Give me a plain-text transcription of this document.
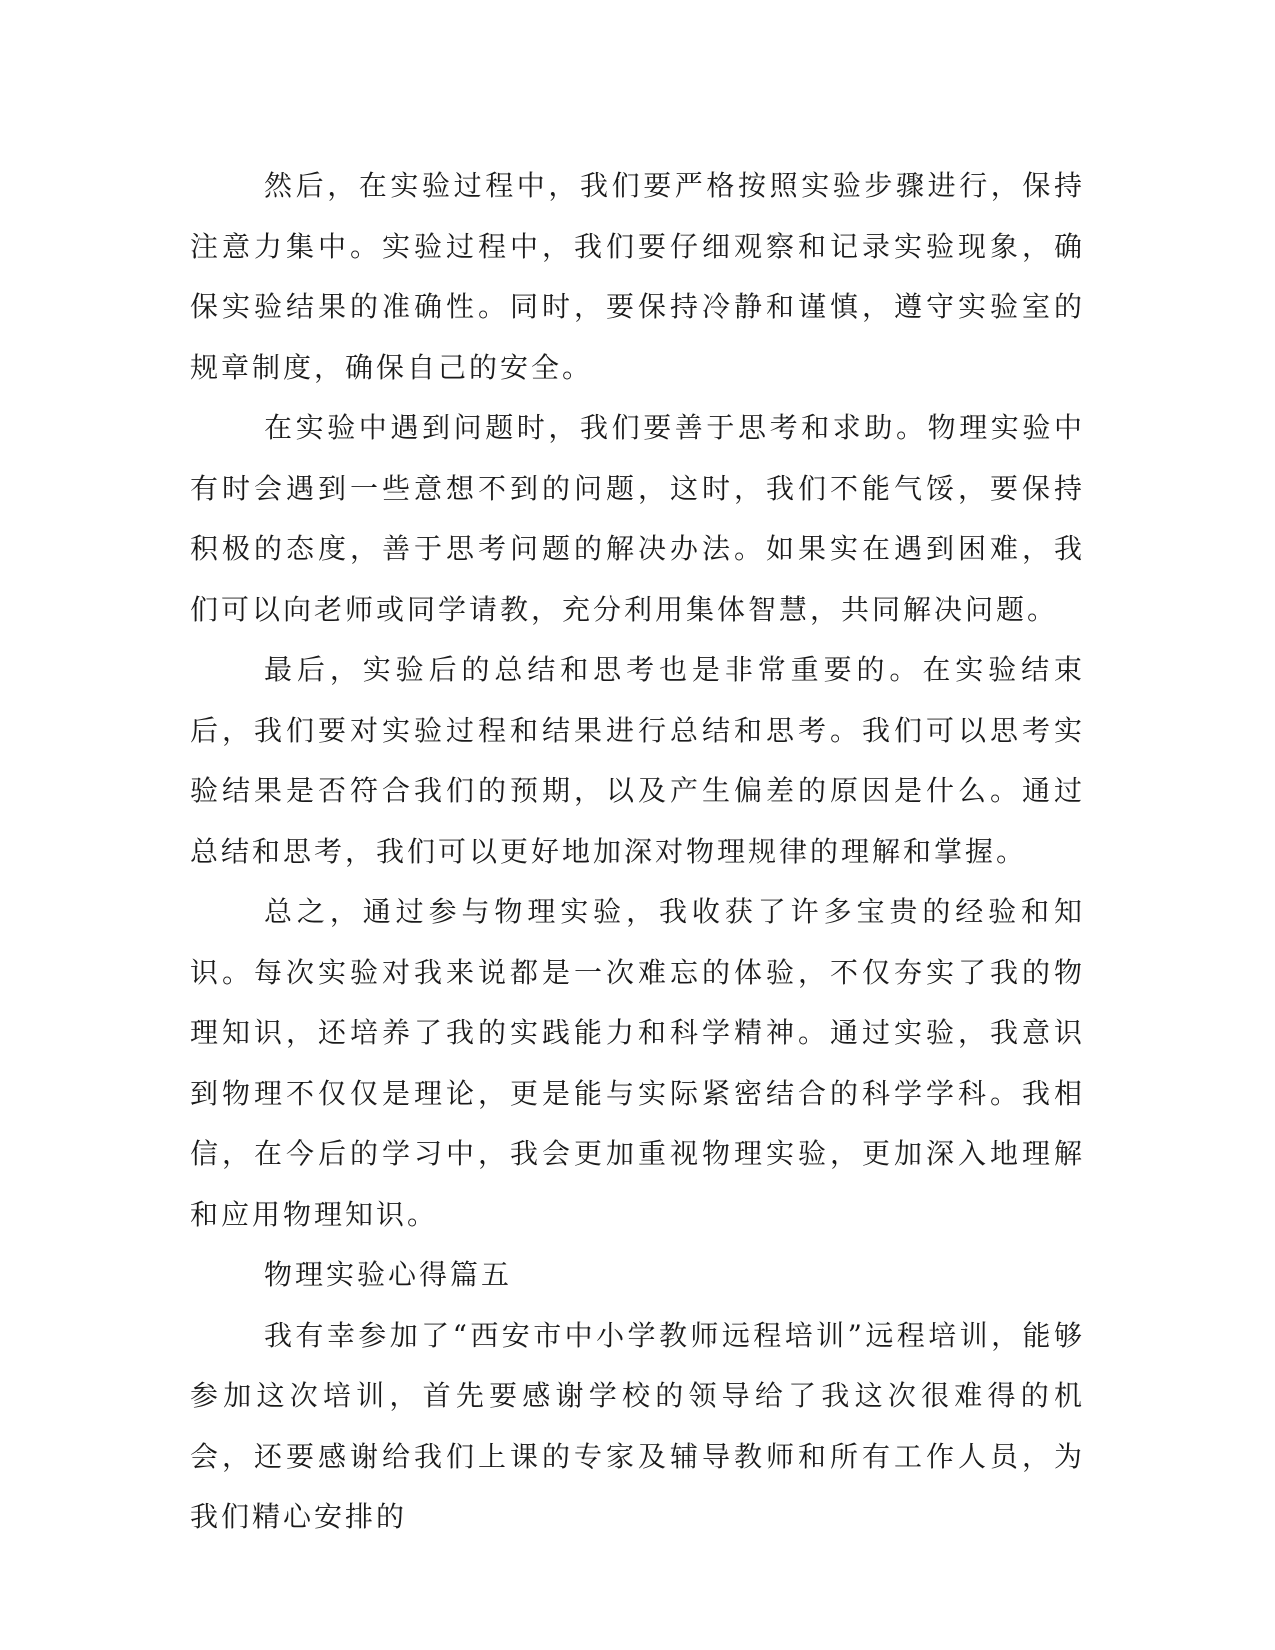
然后，在实验过程中，我们要严格按照实验步骤进行，保持注意力集中。实验过程中，我们要仔细观察和记录实验现象，确保实验结果的准确性。同时，要保持冷静和谨慎，遵守实验室的规章制度，确保自己的安全。

在实验中遇到问题时，我们要善于思考和求助。物理实验中有时会遇到一些意想不到的问题，这时，我们不能气馁，要保持积极的态度，善于思考问题的解决办法。如果实在遇到困难，我们可以向老师或同学请教，充分利用集体智慧，共同解决问题。

最后，实验后的总结和思考也是非常重要的。在实验结束后，我们要对实验过程和结果进行总结和思考。我们可以思考实验结果是否符合我们的预期，以及产生偏差的原因是什么。通过总结和思考，我们可以更好地加深对物理规律的理解和掌握。

总之，通过参与物理实验，我收获了许多宝贵的经验和知识。每次实验对我来说都是一次难忘的体验，不仅夯实了我的物理知识，还培养了我的实践能力和科学精神。通过实验，我意识到物理不仅仅是理论，更是能与实际紧密结合的科学学科。我相信，在今后的学习中，我会更加重视物理实验，更加深入地理解和应用物理知识。

物理实验心得篇五

我有幸参加了“西安市中小学教师远程培训”远程培训，能够参加这次培训，首先要感谢学校的领导给了我这次很难得的机会，还要感谢给我们上课的专家及辅导教师和所有工作人员，为我们精心安排的
